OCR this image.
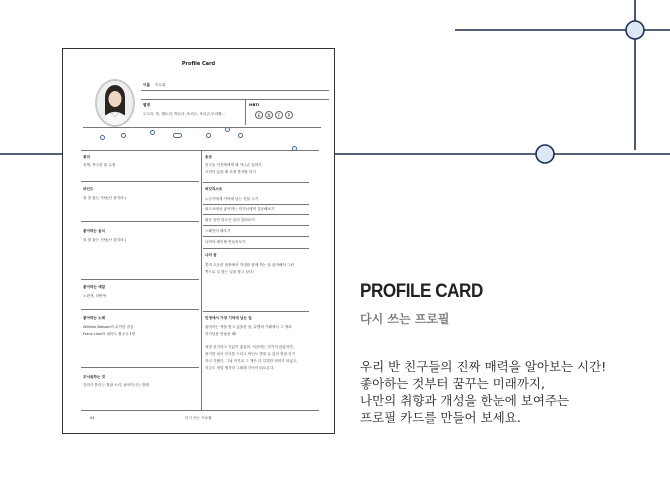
Profile Card
이름 이도희
별명
도도리, 똥, 햄토리, 박토리, 또리스, 또리콘,또리빵…
MBTI
E	N	F	P
취미
산책, 축구한 줄 수집
마인드
잘 잘 잤는 사람(난 잘히라.)
좋아하는 음식
잘 잘 잤는 사람(난 잘히라.)
좋아하는 색깔
노란색, 하얀색
좋아하는 노래
William Balsom의 무이한 꿈꿈
Franz Liszt의 피아노 협주곡 1번
무서워하는 것
강하가 틀리는 칠판 소리, 날아다니는 벌레
송곳
친구들 사진에에게 배 자니손 싶하기,
고민이 있을 때 조게 혼자할 하기
버킷리스트
누군가에게 기억에 남는 선물 주기
퍼트코에서 좋아하는 작가님에게 질문해보기
좌투 동안 한도큰 알리 달려보기
스페인어 배우기
나만의 레이텔 만들어보기
나의 꿈
혼자 초등한 집중에서 지내를 함께 하는 꿈 좋아해서 그런
쪽으로 일 찾는 일을 찾고 싶다!
인생에서 가장 기억에 남는 일
좋아하는 색을 찾고 있을한 날, 무엔의 카페에서 그 책과
작가님을 만났을 때!
정말 신기하고 기분이 좋았어. 처음에는 믿기지 않았지만,
용기를 내서 인사를 드리고 싸인도 받을 수 있어 영광 신기
하고 기뻤다. 그날 이후로 그 책은 더 특별한 의미가 되었고,
지금도 정말 생각하 그레레 기억이 떠오른다.
04	다시 쓰는 프로필
PROFILE CARD
다시 쓰는 프로필
우리 반 친구들의 진짜 매력을 알아보는 시간!
좋아하는 것부터 꿈꾸는 미래까지,
나만의 취향과 개성을 한눈에 보여주는
프로필 카드를 만들어 보세요.
